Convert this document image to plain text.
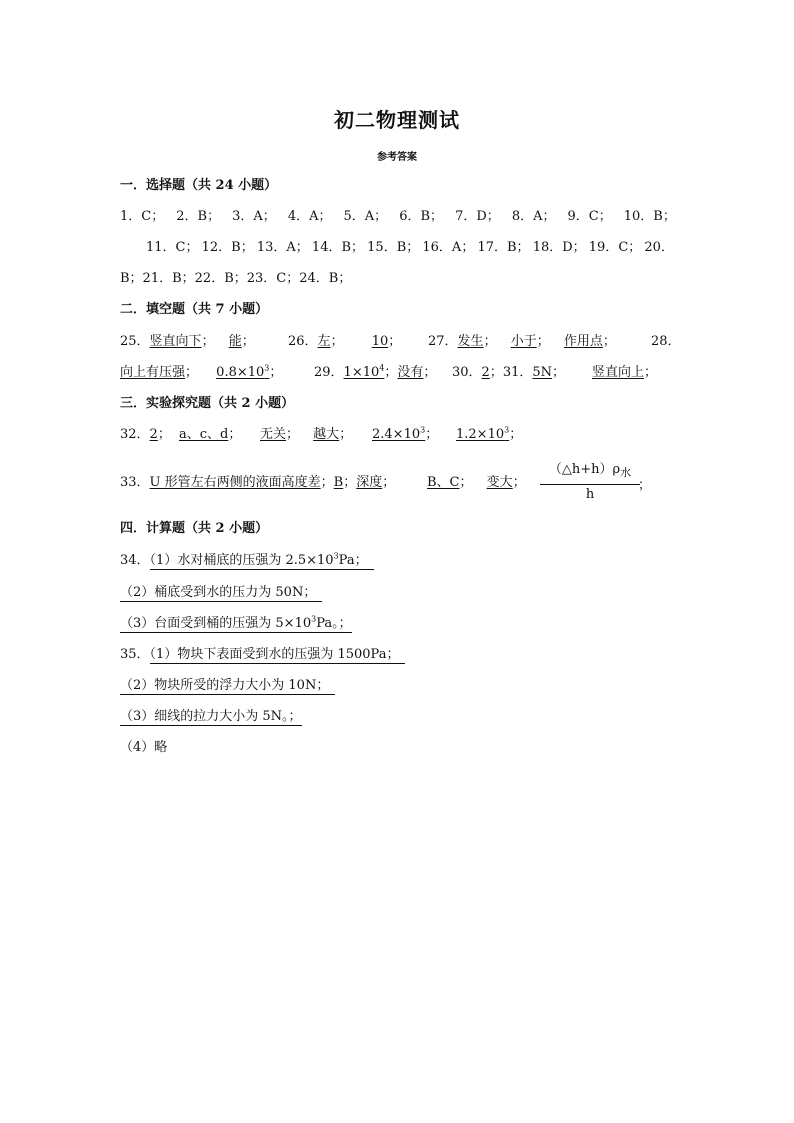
初二物理测试
参考答案
一．选择题（共 24 小题）
1．C； 2．B； 3．A； 4．A； 5．A； 6．B； 7．D； 8．A； 9．C； 10．B；
11．C； 12．B； 13．A； 14．B； 15．B； 16．A； 17．B； 18．D； 19．C； 20．
B；21．B；22．B；23．C；24．B；
二．填空题（共 7 小题）
25．竖直向下； 能；	26．左； 10； 27．发生； 小于； 作用点；	28．
向上有压强； $0.8\times 10^3$； 29．$1\times 10^4$；没有； 30．2；31．5N； 竖直向上；
三．实验探究题（共 2 小题）
32．2； a、c、d； 无关； 越大； $2.4\times 10^3$； $1.2\times 10^3$；
33．U 形管左右两侧的液面高度差；B；深度； B、C； 变大；
$(\triangle h+h)\rho_水$
h
；
四．计算题（共 2 小题）
34．（1）水对桶底的压强为 $2.5\times 10^3Pa$；
（2）桶底受到水的压力为 50N；
（3）台面受到桶的压强为 $5\times 10^3Pa$。；
35．（1）物块下表面受到水的压强为 1500Pa；
（2）物块所受的浮力大小为 10N；
（3）细线的拉力大小为 5N。；
（4）略
